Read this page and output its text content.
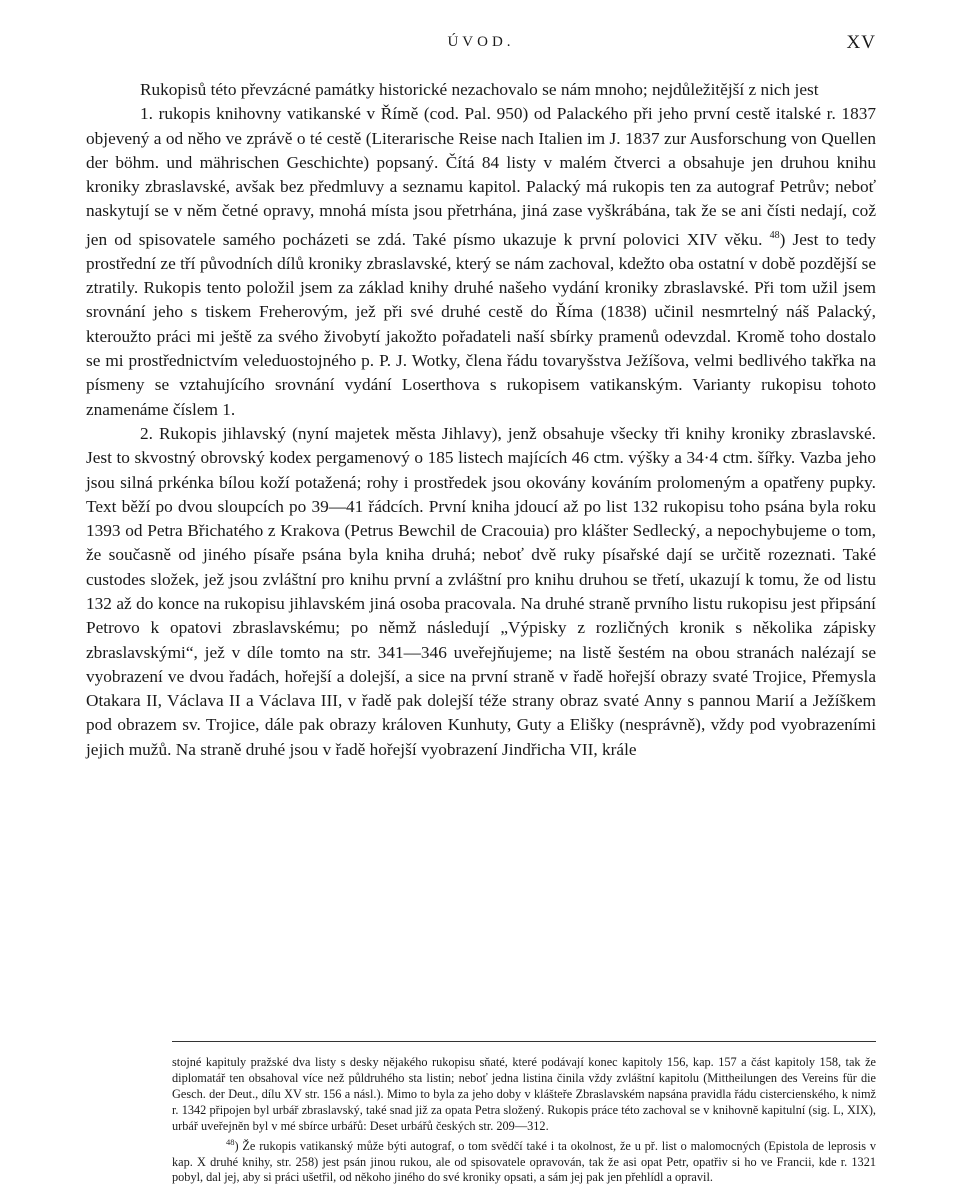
ÚVOD.	XV

Rukopisů této převzácné památky historické nezachovalo se nám mnoho; nejdůležitější z nich jest

1. rukopis knihovny vatikanské v Římě (cod. Pal. 950) od Palackého při jeho první cestě italské r. 1837 objevený a od něho ve zprávě o té cestě (Literarische Reise nach Italien im J. 1837 zur Ausforschung von Quellen der böhm. und mährischen Geschichte) popsaný. Čítá 84 listy v malém čtverci a obsahuje jen druhou knihu kroniky zbraslavské, avšak bez předmluvy a seznamu kapitol. Palacký má rukopis ten za autograf Petrův; neboť naskytují se v něm četné opravy, mnohá místa jsou přetrhána, jiná zase vyškrábána, tak že se ani čísti nedají, což jen od spisovatele samého pocházeti se zdá. Také písmo ukazuje k první polovici XIV věku. $^{48}$) Jest to tedy prostřední ze tří původních dílů kroniky zbraslavské, který se nám zachoval, kdežto oba ostatní v době pozdější se ztratily. Rukopis tento položil jsem za základ knihy druhé našeho vydání kroniky zbraslavské. Při tom užil jsem srovnání jeho s tiskem Freherovým, jež při své druhé cestě do Říma (1838) učinil nesmrtelný náš Palacký, kteroužto práci mi ještě za svého živobytí jakožto pořadateli naší sbírky pramenů odevzdal. Kromě toho dostalo se mi prostřednictvím veleduostojného p. P. J. Wotky, člena řádu tovaryšstva Ježíšova, velmi bedlivého takřka na písmeny se vztahujícího srovnání vydání Loserthova s rukopisem vatikanským. Varianty rukopisu tohoto znamenáme číslem 1.

2. Rukopis jihlavský (nyní majetek města Jihlavy), jenž obsahuje všecky tři knihy kroniky zbraslavské. Jest to skvostný obrovský kodex pergamenový o 185 listech majících 46 ctm. výšky a 34·4 ctm. šířky. Vazba jeho jsou silná prkénka bílou koží potažená; rohy i prostředek jsou okovány kováním prolomeným a opatřeny pupky. Text běží po dvou sloupcích po 39—41 řádcích. První kniha jdoucí až po list 132 rukopisu toho psána byla roku 1393 od Petra Břichatého z Krakova (Petrus Bewchil de Cracouia) pro klášter Sedlecký, a nepochybujeme o tom, že současně od jiného písaře psána byla kniha druhá; neboť dvě ruky písařské dají se určitě rozeznati. Také custodes složek, jež jsou zvláštní pro knihu první a zvláštní pro knihu druhou se třetí, ukazují k tomu, že od listu 132 až do konce na rukopisu jihlavském jiná osoba pracovala. Na druhé straně prvního listu rukopisu jest připsání Petrovo k opatovi zbraslavskému; po němž následují „Výpisky z rozličných kronik s několika zápisky zbraslavskými“, jež v díle tomto na str. 341—346 uveřejňujeme; na listě šestém na obou stranách nalézají se vyobrazení ve dvou řadách, hořejší a dolejší, a sice na první straně v řadě hořejší obrazy svaté Trojice, Přemysla Otakara II, Václava II a Václava III, v řadě pak dolejší téže strany obraz svaté Anny s pannou Marií a Ježíškem pod obrazem sv. Trojice, dále pak obrazy královen Kunhuty, Guty a Elišky (nesprávně), vždy pod vyobrazeními jejich mužů. Na straně druhé jsou v řadě hořejší vyobrazení Jindřicha VII, krále

stojné kapituly pražské dva listy s desky nějakého rukopisu sňaté, které podávají konec kapitoly 156, kap. 157 a část kapitoly 158, tak že diplomatář ten obsahoval více než půldruhého sta listin; neboť jedna listina činila vždy zvláštní kapitolu (Mittheilungen des Vereins für die Gesch. der Deut., dílu XV str. 156 a násl.). Mimo to byla za jeho doby v klášteře Zbraslavském napsána pravidla řádu cistercienského, k nimž r. 1342 připojen byl urbář zbraslavský, také snad již za opata Petra složený. Rukopis práce této zachoval se v knihovně kapitulní (sig. L, XIX), urbář uveřejněn byl v mé sbírce urbářů: Deset urbářů českých str. 209—312.

$^{48}$) Že rukopis vatikanský může býti autograf, o tom svědčí také i ta okolnost, že u př. list o malomocných (Epistola de leprosis v kap. X druhé knihy, str. 258) jest psán jinou rukou, ale od spisovatele opravován, tak že asi opat Petr, opatřiv si ho ve Francii, kde r. 1321 pobyl, dal jej, aby si práci ušetřil, od někoho jiného do své kroniky opsati, a sám jej pak jen přehlídl a opravil.
